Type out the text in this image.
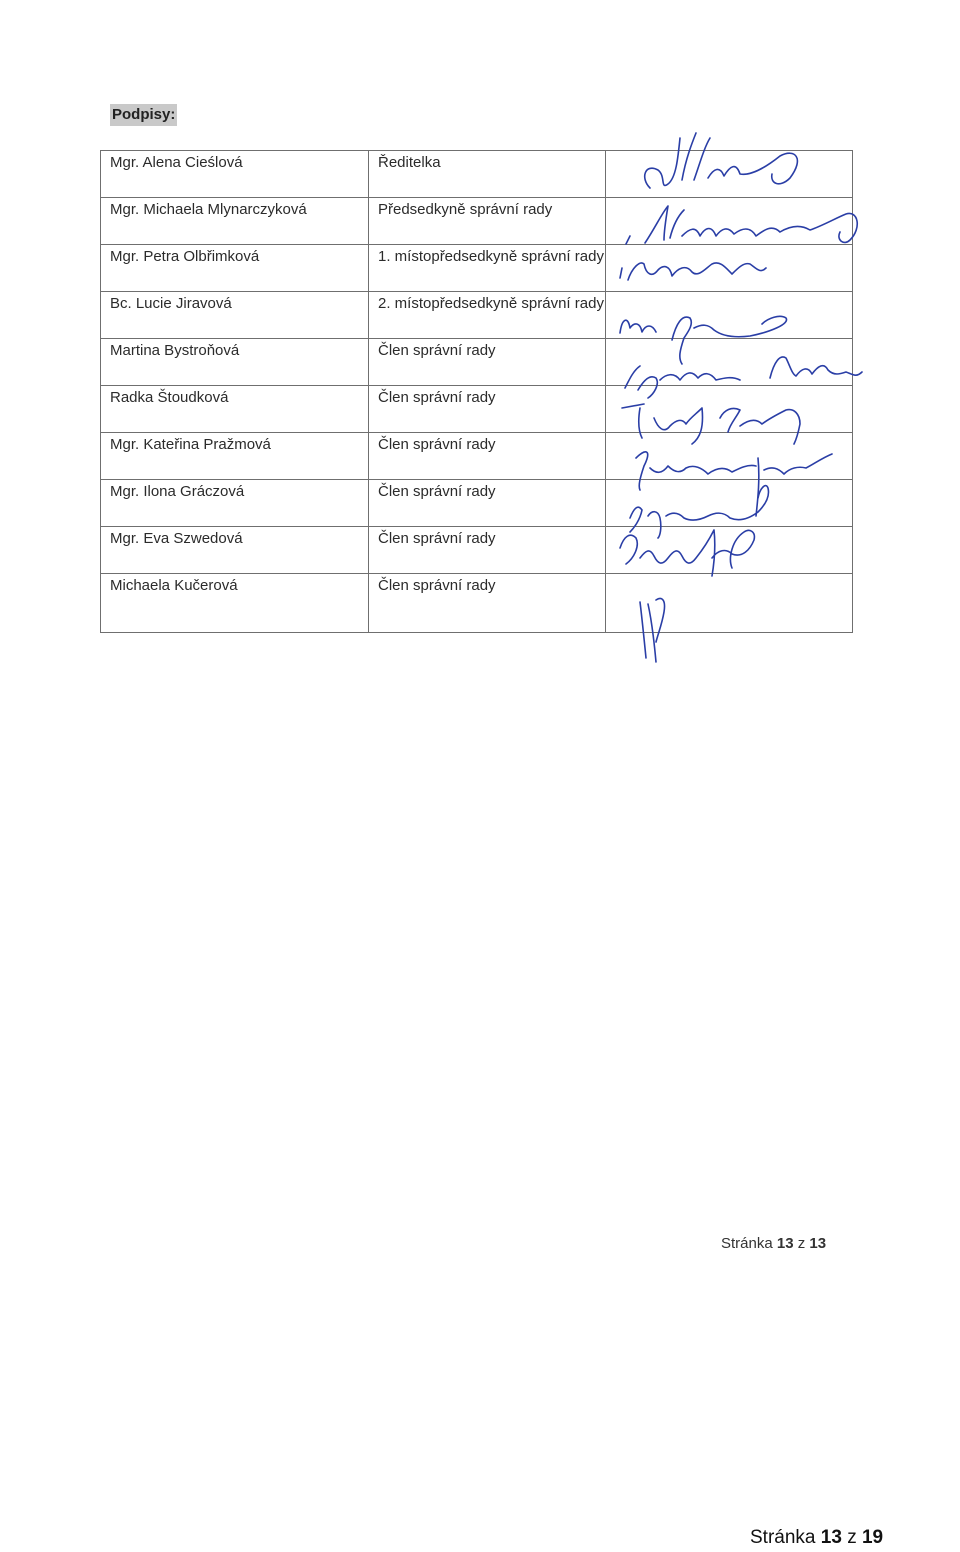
Podpisy:
Mgr. Alena Cieślová	Ředitelka	
Mgr. Michaela Mlynarczyková	Předsedkyně správní rady	
Mgr. Petra Olbřimková	1. místopředsedkyně správní rady	
Bc. Lucie Jiravová	2. místopředsedkyně správní rady	
Martina Bystroňová	Člen správní rady	
Radka Štoudková	Člen správní rady	
Mgr. Kateřina Pražmová	Člen správní rady	
Mgr. Ilona Gráczová	Člen správní rady	
Mgr. Eva Szwedová	Člen správní rady	
Michaela Kučerová	Člen správní rady	
Stránka 13 z 13
Stránka 13 z 19
